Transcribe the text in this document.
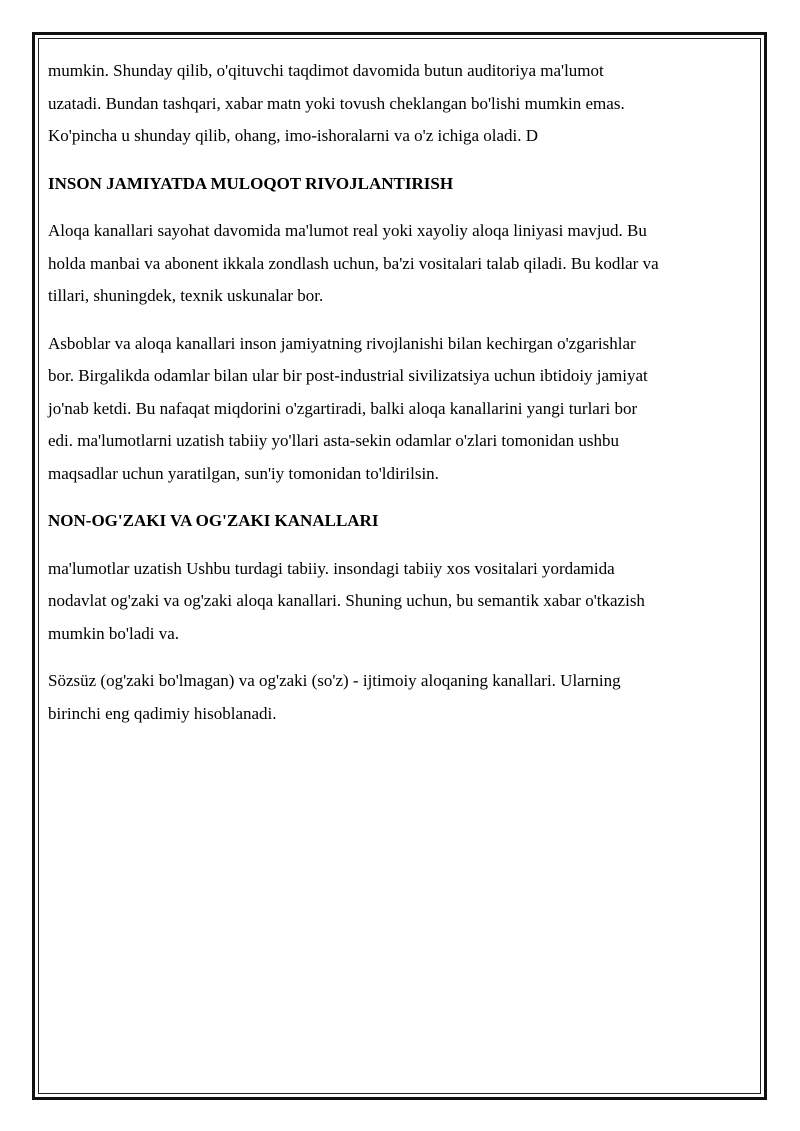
mumkin. Shunday qilib, o'qituvchi taqdimot davomida butun auditoriya ma'lumot
uzatadi. Bundan tashqari, xabar matn yoki tovush cheklangan bo'lishi mumkin emas.
Ko'pincha u shunday qilib, ohang, imo-ishoralarni va o'z ichiga oladi. D

INSON JAMIYATDA MULOQOT RIVOJLANTIRISH

Aloqa kanallari sayohat davomida ma'lumot real yoki xayoliy aloqa liniyasi mavjud. Bu
holda manbai va abonent ikkala zondlash uchun, ba'zi vositalari talab qiladi. Bu kodlar va
tillari, shuningdek, texnik uskunalar bor.

Asboblar va aloqa kanallari inson jamiyatning rivojlanishi bilan kechirgan o'zgarishlar
bor. Birgalikda odamlar bilan ular bir post-industrial sivilizatsiya uchun ibtidoiy jamiyat
jo'nab ketdi. Bu nafaqat miqdorini o'zgartiradi, balki aloqa kanallarini yangi turlari bor
edi. ma'lumotlarni uzatish tabiiy yo'llari asta-sekin odamlar o'zlari tomonidan ushbu
maqsadlar uchun yaratilgan, sun'iy tomonidan to'ldirilsin.

NON-OG'ZAKI VA OG'ZAKI KANALLARI

ma'lumotlar uzatish Ushbu turdagi tabiiy. insondagi tabiiy xos vositalari yordamida
nodavlat og'zaki va og'zaki aloqa kanallari. Shuning uchun, bu semantik xabar o'tkazish
mumkin bo'ladi va.

Sözsüz (og'zaki bo'lmagan) va og'zaki (so'z) - ijtimoiy aloqaning kanallari. Ularning
birinchi eng qadimiy hisoblanadi.
